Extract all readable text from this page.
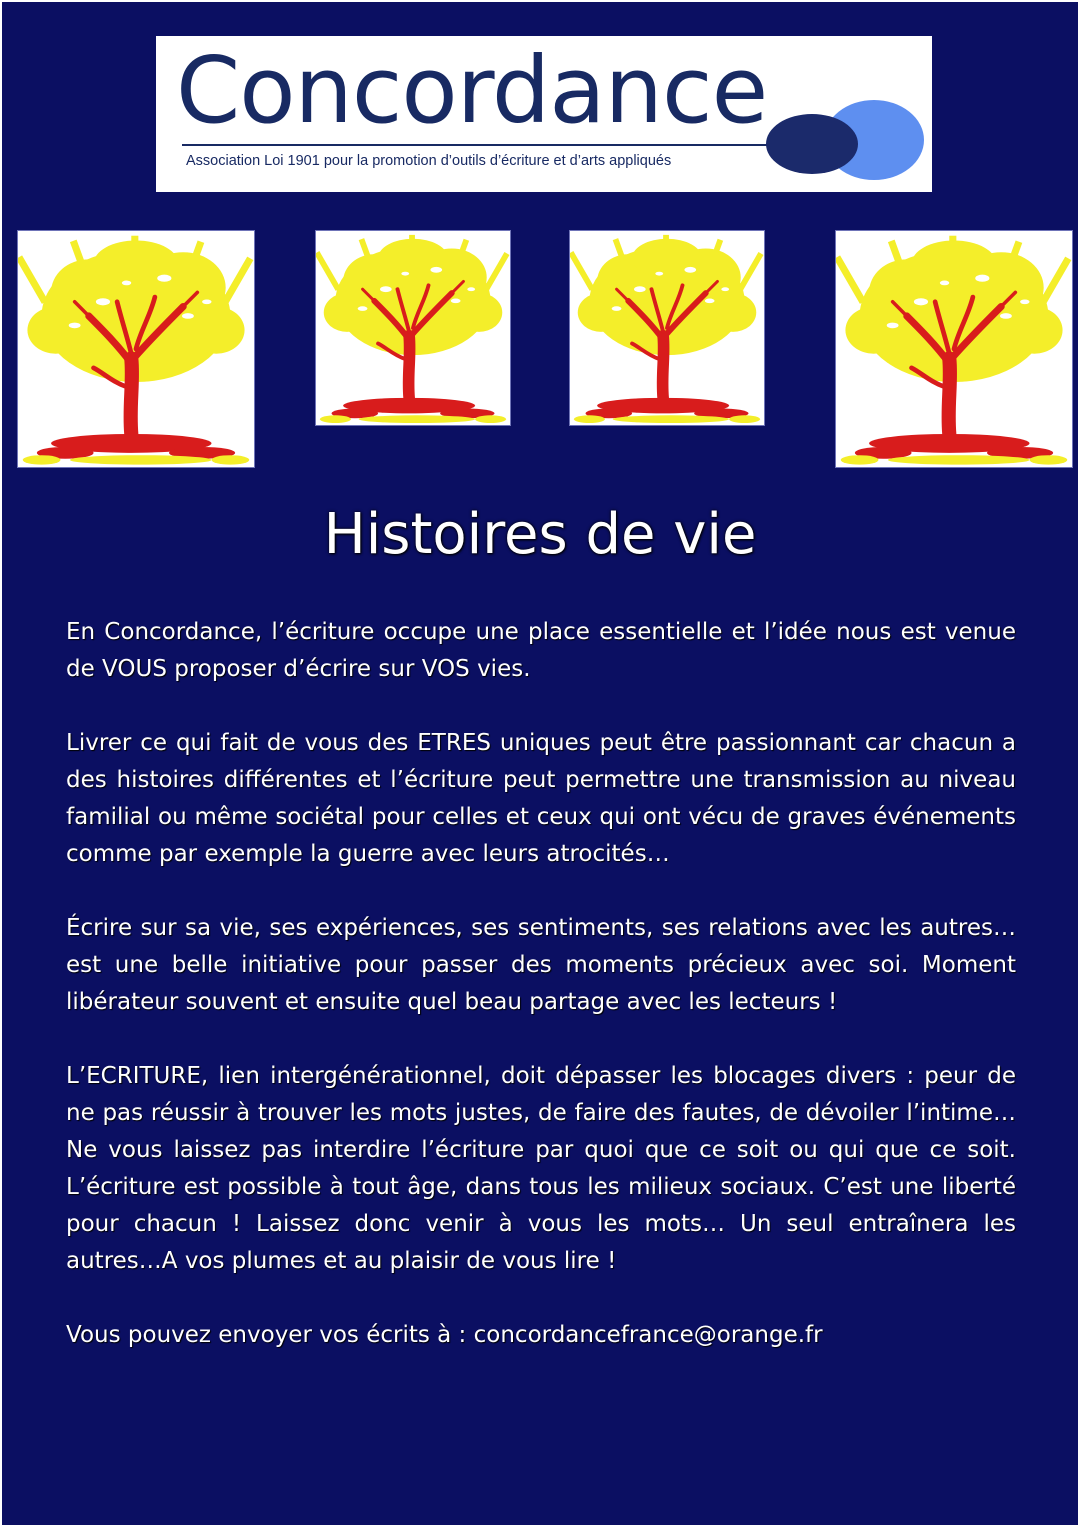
Concordance
Association Loi 1901 pour la promotion d’outils d’écriture et d’arts appliqués
Histoires de vie

En Concordance, l’écriture occupe une place essentielle et l’idée nous est venue de VOUS proposer d’écrire sur VOS vies.

Livrer ce qui fait de vous des ETRES uniques peut être passionnant car chacun a des histoires différentes et l’écriture peut permettre une transmission au niveau familial ou même sociétal pour celles et ceux qui ont vécu de graves événements comme par exemple la guerre avec leurs atrocités…

Écrire sur sa vie, ses expériences, ses sentiments, ses relations avec les autres… est une belle initiative pour passer des moments précieux avec soi. Moment libérateur souvent et ensuite quel beau partage avec les lecteurs !

L’ECRITURE, lien intergénérationnel, doit dépasser les blocages divers : peur de ne pas réussir à trouver les mots justes, de faire des fautes, de dévoiler l’intime… Ne vous laissez pas interdire l’écriture par quoi que ce soit ou qui que ce soit. L’écriture est possible à tout âge, dans tous les milieux sociaux. C’est une liberté pour chacun ! Laissez donc venir à vous les mots… Un seul entraînera les autres…A vos plumes et au plaisir de vous lire !

Vous pouvez envoyer vos écrits à : concordancefrance@orange.fr
